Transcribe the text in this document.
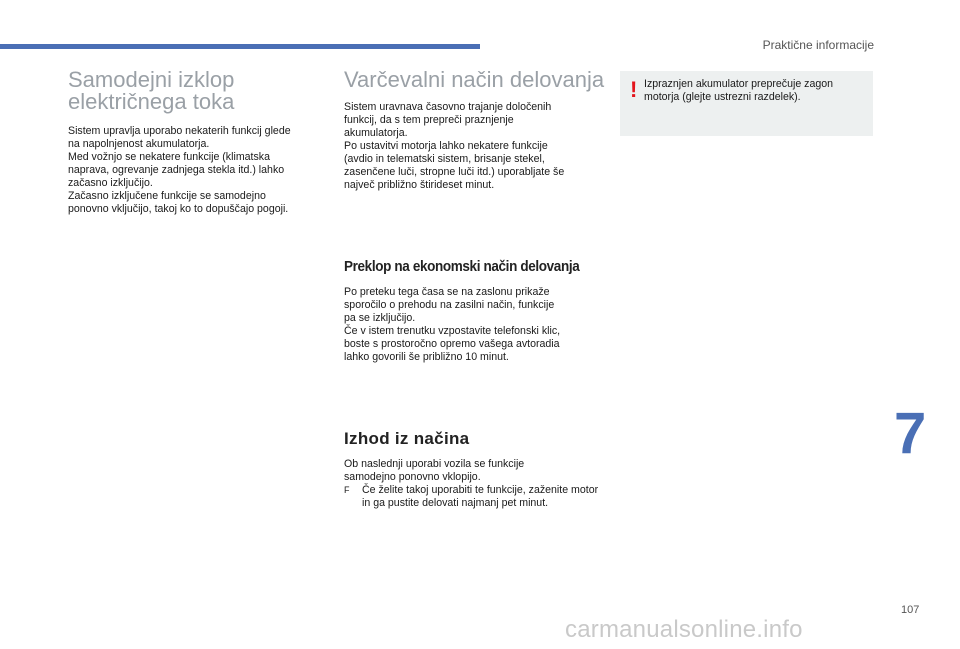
Praktične informacije
Samodejni izklop
električnega toka

Sistem upravlja uporabo nekaterih funkcij glede
na napolnjenost akumulatorja.
Med vožnjo se nekatere funkcije (klimatska
naprava, ogrevanje zadnjega stekla itd.) lahko
začasno izključijo.
Začasno izključene funkcije se samodejno
ponovno vključijo, takoj ko to dopuščajo pogoji.

Varčevalni način delovanja

Sistem uravnava časovno trajanje določenih
funkcij, da s tem prepreči praznjenje
akumulatorja.
Po ustavitvi motorja lahko nekatere funkcije
(avdio in telematski sistem, brisanje stekel,
zasenčene luči, stropne luči itd.) uporabljate še
največ približno štirideset minut.

Preklop na ekonomski način delovanja

Po preteku tega časa se na zaslonu prikaže
sporočilo o prehodu na zasilni način, funkcije
pa se izključijo.
Če v istem trenutku vzpostavite telefonski klic,
boste s prostoročno opremo vašega avtoradia
lahko govorili še približno 10 minut.

Izhod iz načina

Ob naslednji uporabi vozila se funkcije
samodejno ponovno vklopijo.

F	Če želite takoj uporabiti te funkcije, zaženite motor in ga pustite delovati najmanj pet minut.
! Izpraznjen akumulator preprečuje zagon motorja (glejte ustrezni razdelek).
7
107
carmanualsonline.info
